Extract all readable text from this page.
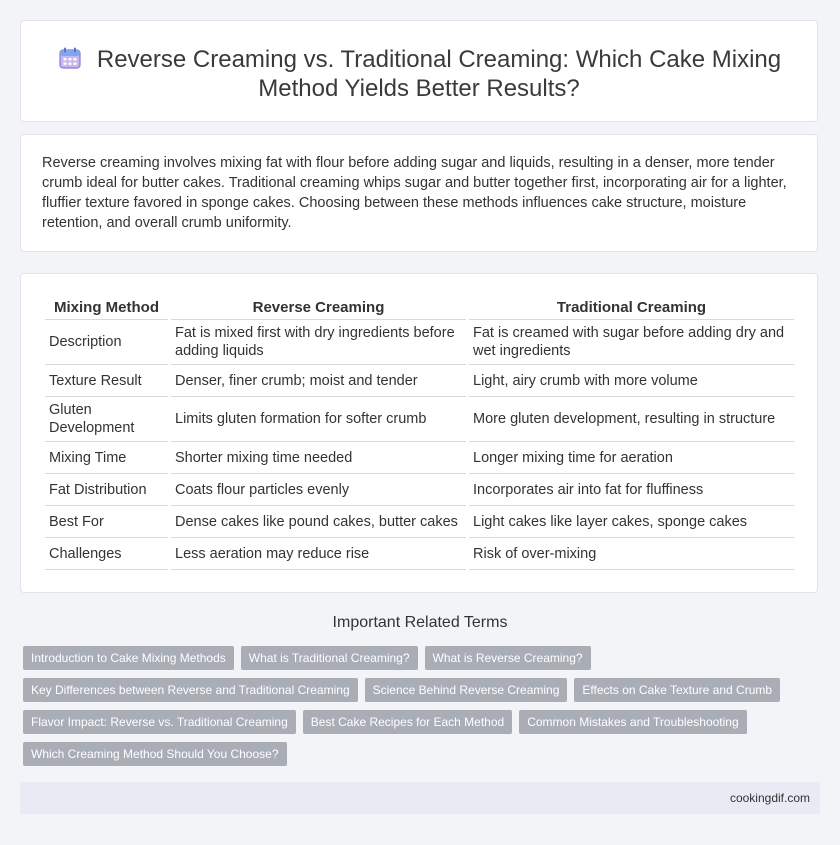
Reverse Creaming vs. Traditional Creaming: Which Cake Mixing Method Yields Better Results?

Reverse creaming involves mixing fat with flour before adding sugar and liquids, resulting in a denser, more tender crumb ideal for butter cakes. Traditional creaming whips sugar and butter together first, incorporating air for a lighter, fluffier texture favored in sponge cakes. Choosing between these methods influences cake structure, moisture retention, and overall crumb uniformity.

Mixing Method	Reverse Creaming	Traditional Creaming
Description	Fat is mixed first with dry ingredients before adding liquids	Fat is creamed with sugar before adding dry and wet ingredients
Texture Result	Denser, finer crumb; moist and tender	Light, airy crumb with more volume
Gluten Development	Limits gluten formation for softer crumb	More gluten development, resulting in structure
Mixing Time	Shorter mixing time needed	Longer mixing time for aeration
Fat Distribution	Coats flour particles evenly	Incorporates air into fat for fluffiness
Best For	Dense cakes like pound cakes, butter cakes	Light cakes like layer cakes, sponge cakes
Challenges	Less aeration may reduce rise	Risk of over-mixing
Important Related Terms
Introduction to Cake Mixing Methods	What is Traditional Creaming?	What is Reverse Creaming?
Key Differences between Reverse and Traditional Creaming	Science Behind Reverse Creaming	Effects on Cake Texture and Crumb
Flavor Impact: Reverse vs. Traditional Creaming	Best Cake Recipes for Each Method	Common Mistakes and Troubleshooting
Which Creaming Method Should You Choose?
cookingdif.com
